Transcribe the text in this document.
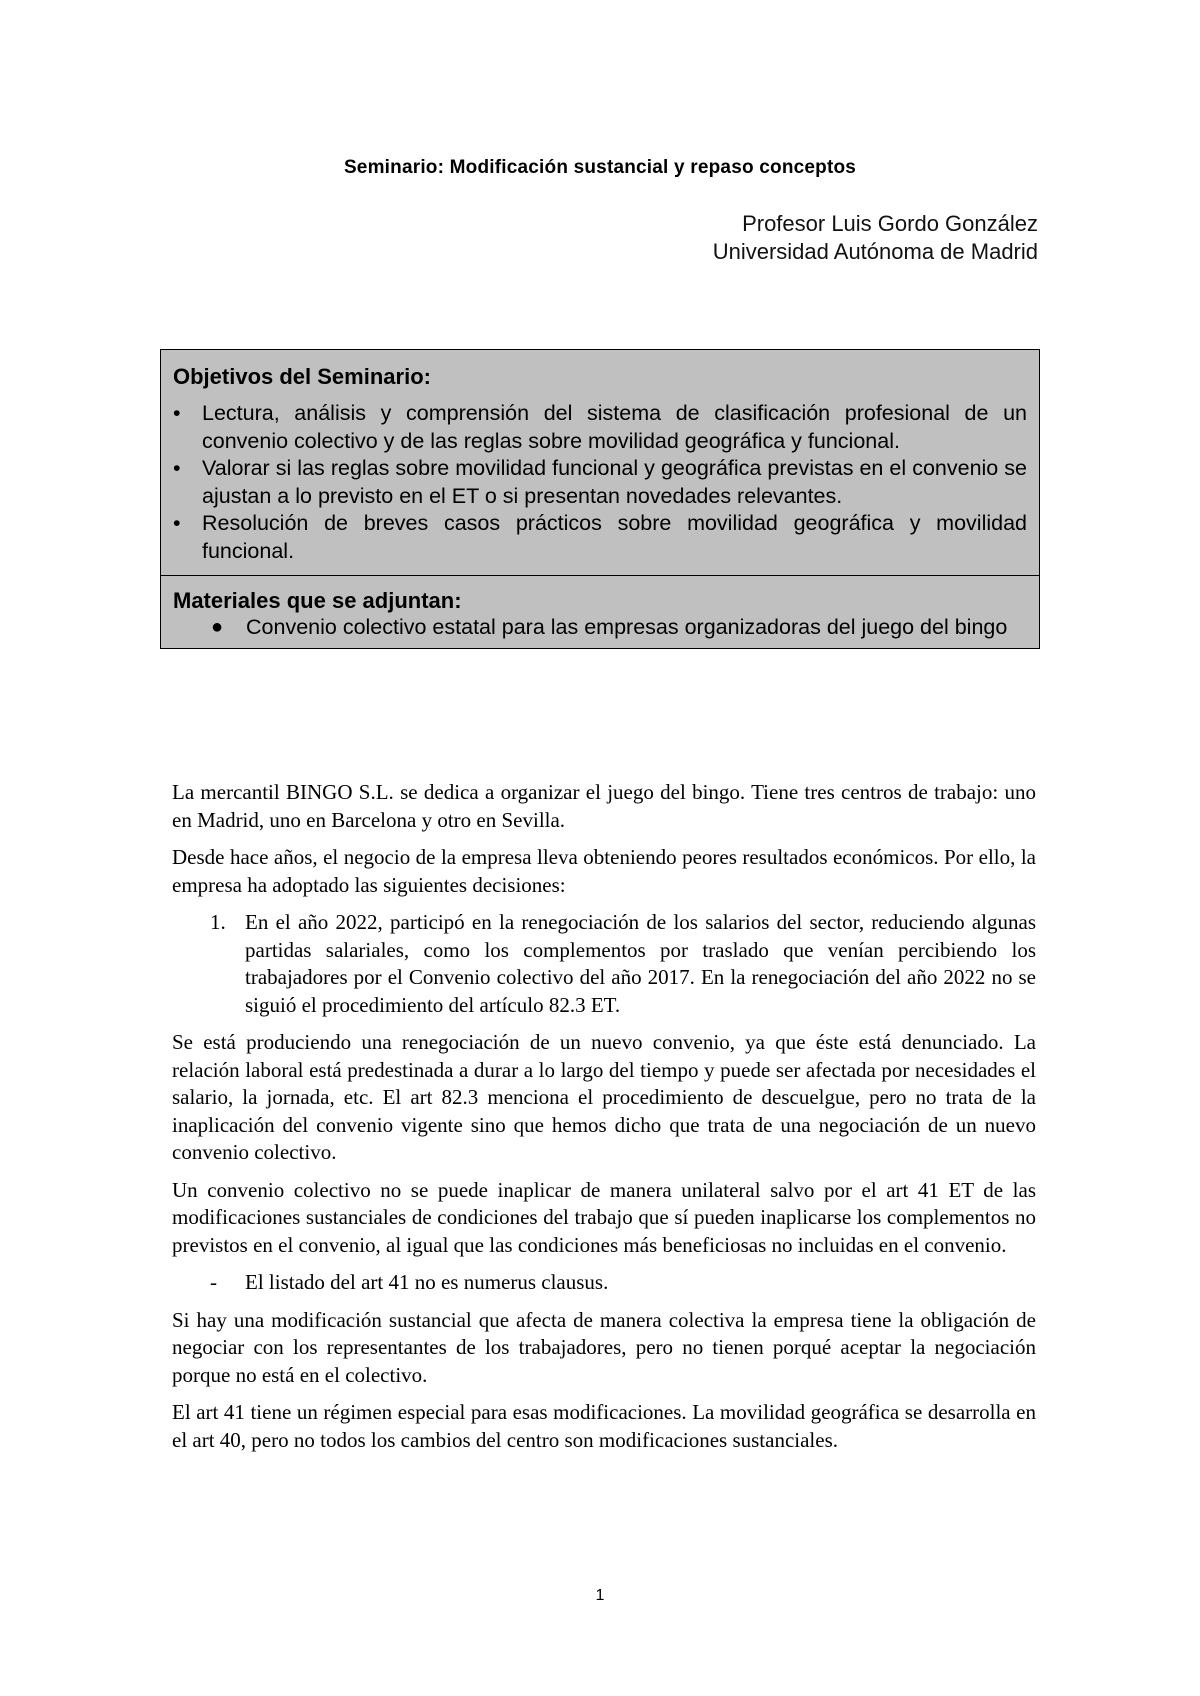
Seminario: Modificación sustancial y repaso conceptos
Profesor Luis Gordo González
Universidad Autónoma de Madrid
Objetivos del Seminario:
• Lectura, análisis y comprensión del sistema de clasificación profesional de un convenio colectivo y de las reglas sobre movilidad geográfica y funcional.
• Valorar si las reglas sobre movilidad funcional y geográfica previstas en el convenio se ajustan a lo previsto en el ET o si presentan novedades relevantes.
• Resolución de breves casos prácticos sobre movilidad geográfica y movilidad funcional.
Materiales que se adjuntan:
● Convenio colectivo estatal para las empresas organizadoras del juego del bingo

La mercantil BINGO S.L. se dedica a organizar el juego del bingo. Tiene tres centros de trabajo: uno en Madrid, uno en Barcelona y otro en Sevilla.

Desde hace años, el negocio de la empresa lleva obteniendo peores resultados económicos. Por ello, la empresa ha adoptado las siguientes decisiones:

1. En el año 2022, participó en la renegociación de los salarios del sector, reduciendo algunas partidas salariales, como los complementos por traslado que venían percibiendo los trabajadores por el Convenio colectivo del año 2017. En la renegociación del año 2022 no se siguió el procedimiento del artículo 82.3 ET.

Se está produciendo una renegociación de un nuevo convenio, ya que éste está denunciado. La relación laboral está predestinada a durar a lo largo del tiempo y puede ser afectada por necesidades el salario, la jornada, etc. El art 82.3 menciona el procedimiento de descuelgue, pero no trata de la inaplicación del convenio vigente sino que hemos dicho que trata de una negociación de un nuevo convenio colectivo.

Un convenio colectivo no se puede inaplicar de manera unilateral salvo por el art 41 ET de las modificaciones sustanciales de condiciones del trabajo que sí pueden inaplicarse los complementos no previstos en el convenio, al igual que las condiciones más beneficiosas no incluidas en el convenio.

- El listado del art 41 no es numerus clausus.

Si hay una modificación sustancial que afecta de manera colectiva la empresa tiene la obligación de negociar con los representantes de los trabajadores, pero no tienen porqué aceptar la negociación porque no está en el colectivo.

El art 41 tiene un régimen especial para esas modificaciones. La movilidad geográfica se desarrolla en el art 40, pero no todos los cambios del centro son modificaciones sustanciales.

1
